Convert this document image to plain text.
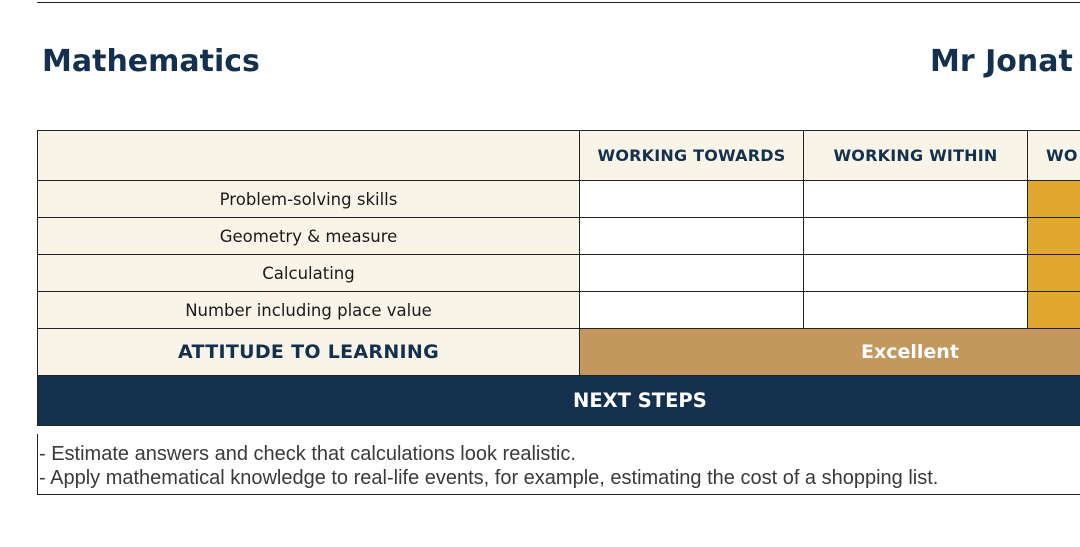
Mathematics	Mr Jonat
	WORKING TOWARDS	WORKING WITHIN	WO
Problem-solving skills			
Geometry & measure			
Calculating			
Number including place value			
ATTITUDE TO LEARNING	Excellent		
NEXT STEPS			
- Estimate answers and check that calculations look realistic.
- Apply mathematical knowledge to real-life events, for example, estimating the cost of a shopping list.
